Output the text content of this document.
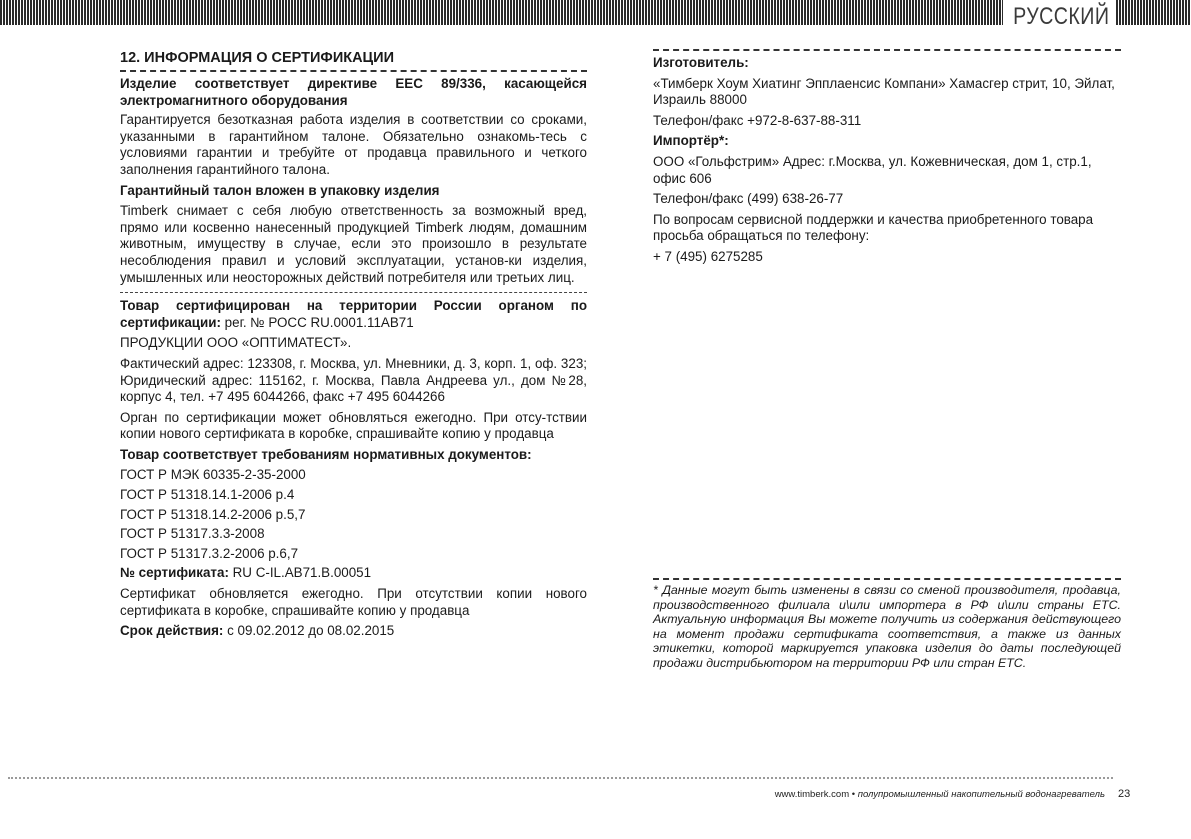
РУССКИЙ
12. ИНФОРМАЦИЯ О СЕРТИФИКАЦИИ

Изделие соответствует директиве ЕЕС 89/336, касающейся электромагнитного оборудования

Гарантируется безотказная работа изделия в соответствии со сроками, указанными в гарантийном талоне. Обязательно ознакомь-тесь с условиями гарантии и требуйте от продавца правильного и четкого заполнения гарантийного талона.

Гарантийный талон вложен в упаковку изделия

Timberk снимает с себя любую ответственность за возможный вред, прямо или косвенно нанесенный продукцией Timberk людям, домашним животным, имуществу в случае, если это произошло в результате несоблюдения правил и условий эксплуатации, установ-ки изделия, умышленных или неосторожных действий потребителя или третьих лиц.

Товар сертифицирован на территории России органом по сертификации: рег. № РОСС RU.0001.11АВ71

ПРОДУКЦИИ ООО «ОПТИМАТЕСТ».

Фактический адрес: 123308, г. Москва, ул. Мневники, д. 3, корп. 1, оф. 323; Юридический адрес: 115162, г. Москва, Павла Андреева ул., дом №28, корпус 4, тел. +7 495 6044266, факс +7 495 6044266

Орган по сертификации может обновляться ежегодно. При отсу-тствии копии нового сертификата в коробке, спрашивайте копию у продавца

Товар соответствует требованиям нормативных документов:

ГОСТ Р МЭК 60335-2-35-2000

ГОСТ Р 51318.14.1-2006 р.4

ГОСТ Р 51318.14.2-2006 р.5,7

ГОСТ Р 51317.3.3-2008

ГОСТ Р 51317.3.2-2006 р.6,7

№ сертификата: RU C-IL.АВ71.В.00051

Сертификат обновляется ежегодно. При отсутствии копии нового сертификата в коробке, спрашивайте копию у продавца

Срок действия: с 09.02.2012 до 08.02.2015

Изготовитель:

«Тимберк Хоум Хиатинг Эпплаенсис Компани» Хамасгер стрит, 10, Эйлат, Израиль 88000

Телефон/факс +972-8-637-88-311

Импортёр*:

ООО «Гольфстрим» Адрес: г.Москва, ул. Кожевническая, дом 1, стр.1, офис 606

Телефон/факс (499) 638-26-77

По вопросам сервисной поддержки и качества приобретенного товара просьба обращаться по телефону:

+ 7 (495) 6275285

* Данные могут быть изменены в связи со сменой производителя, продавца, производственного филиала и\или импортера в РФ и\или страны ЕТС. Актуальную информация Вы можете получить из содержания действующего на момент продажи сертификата соответствия, а также из данных этикетки, которой маркируется упаковка изделия до даты последующей продажи дистрибьютором на территории РФ или стран ЕТС.
www.timberk.com • полупромышленный накопительный водонагреватель 23
